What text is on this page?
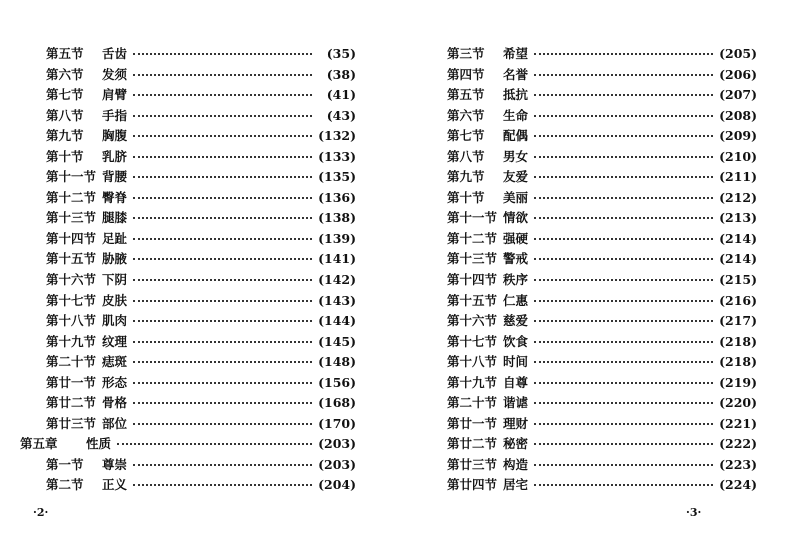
第五节	舌齿	(35)
第六节	发须	(38)
第七节	肩臂	(41)
第八节	手指	(43)
第九节	胸腹	(132)
第十节	乳脐	(133)
第十一节 背腰	(135)
第十二节 臀脊	(136)
第十三节 腿膝	(138)
第十四节 足趾	(139)
第十五节 胁腋	(141)
第十六节 下阴	(142)
第十七节 皮肤	(143)
第十八节 肌肉	(144)
第十九节 纹理	(145)
第二十节 痣斑	(148)
第廿一节 形态	(156)
第廿二节 骨格	(168)
第廿三节 部位	(170)
第五章	性质	(203)
第一节	尊崇	(203)
第二节	正义	(204)
·2·
第三节	希望	(205)
第四节	名誉	(206)
第五节	抵抗	(207)
第六节	生命	(208)
第七节	配偶	(209)
第八节	男女	(210)
第九节	友爱	(211)
第十节	美丽	(212)
第十一节 情欲	(213)
第十二节 强硬	(214)
第十三节 警戒	(214)
第十四节 秩序	(215)
第十五节 仁惠	(216)
第十六节 慈爱	(217)
第十七节 饮食	(218)
第十八节 时间	(218)
第十九节 自尊	(219)
第二十节 谐谑	(220)
第廿一节 理财	(221)
第廿二节 秘密	(222)
第廿三节 构造	(223)
第廿四节 居宅	(224)
·3·
